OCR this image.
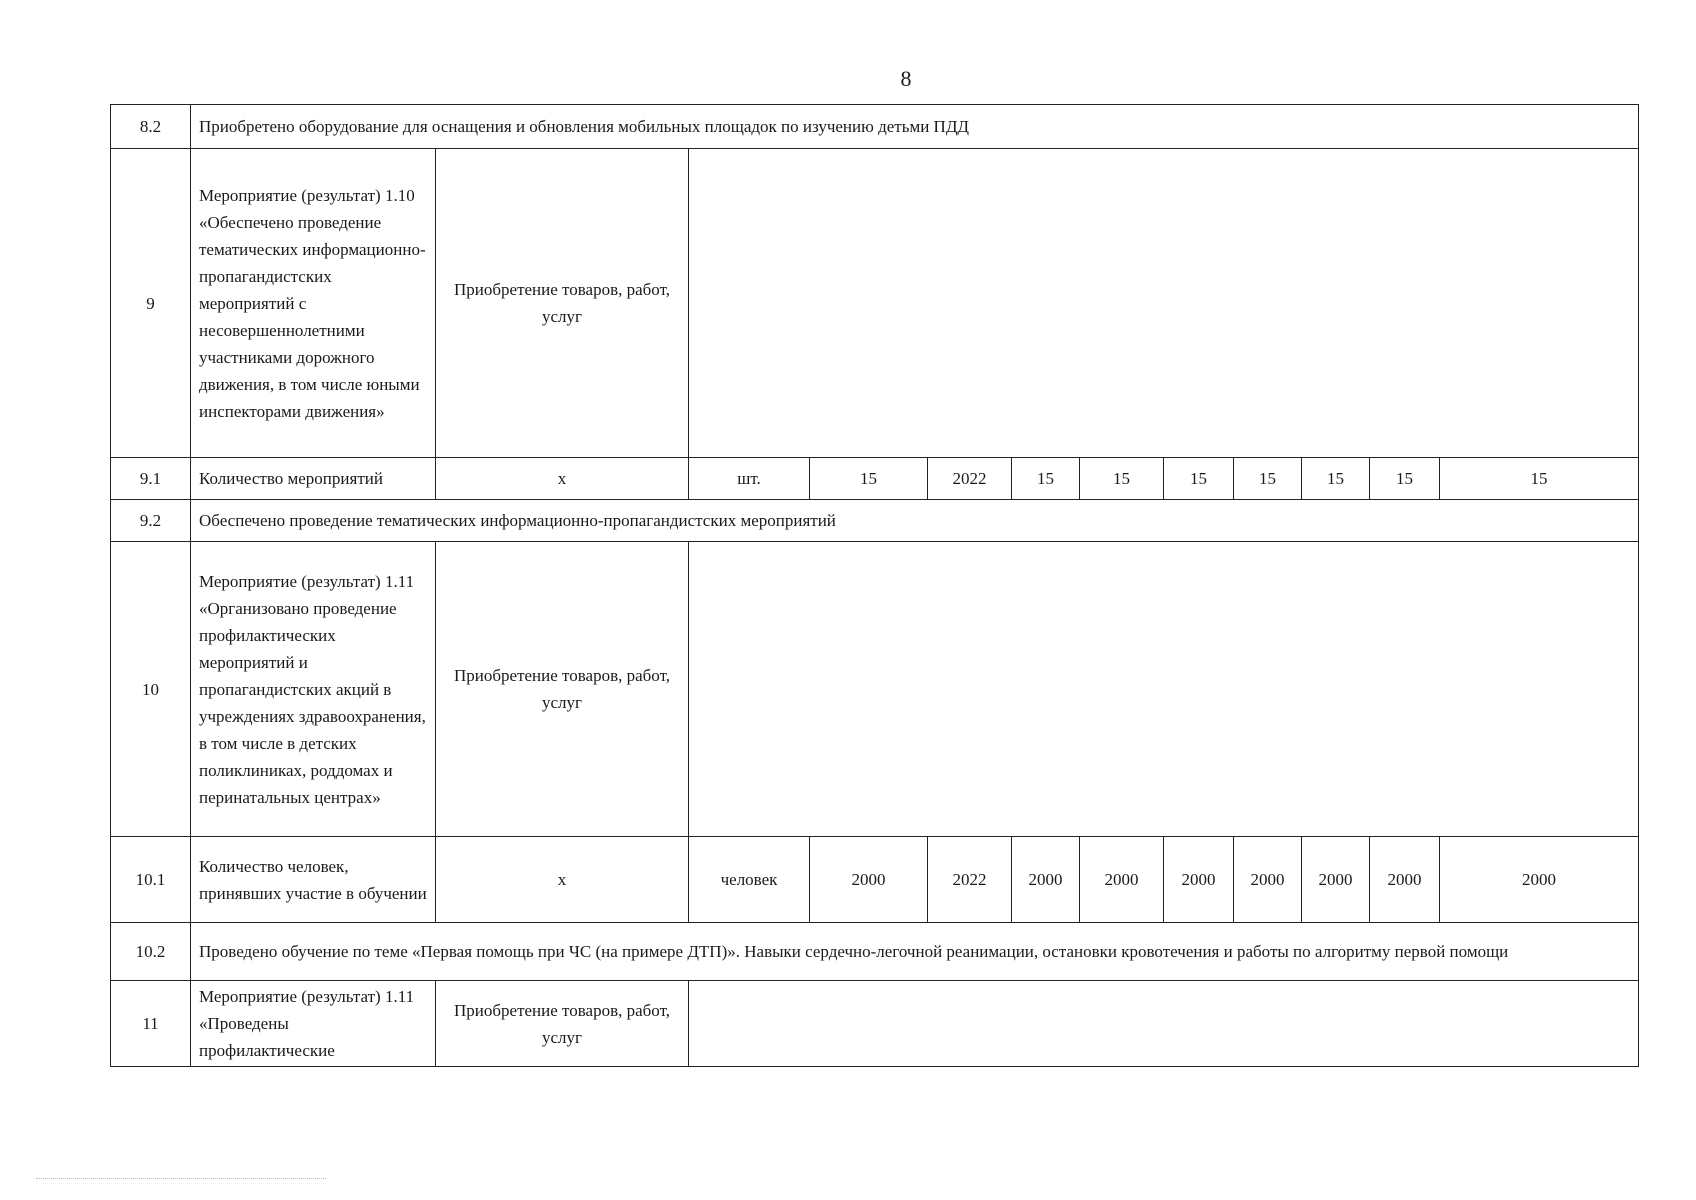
8
8.2	Приобретено оборудование для оснащения и обновления мобильных площадок по изучению детьми ПДД											
9	Мероприятие (результат) 1.10 «Обеспечено проведение тематических информационно-пропагандистских мероприятий с несовершеннолетними участниками дорожного движения, в том числе юными инспекторами движения»	Приобретение товаров, работ, услуг										
9.1	Количество мероприятий	х	шт.	15	2022	15	15	15	15	15	15	15
9.2	Обеспечено проведение тематических информационно-пропагандистских мероприятий											
10	Мероприятие (результат) 1.11 «Организовано проведение профилактических мероприятий и пропагандистских акций в учреждениях здравоохранения, в том числе в детских поликлиниках, роддомах и перинатальных центрах»	Приобретение товаров, работ, услуг										
10.1	Количество человек, принявших участие в обучении	х	человек	2000	2022	2000	2000	2000	2000	2000	2000	2000
10.2	Проведено обучение по теме «Первая помощь при ЧС (на примере ДТП)». Навыки сердечно-легочной реанимации, остановки кровотечения и работы по алгоритму первой помощи											
11	Мероприятие (результат) 1.11 «Проведены профилактические	Приобретение товаров, работ, услуг										
